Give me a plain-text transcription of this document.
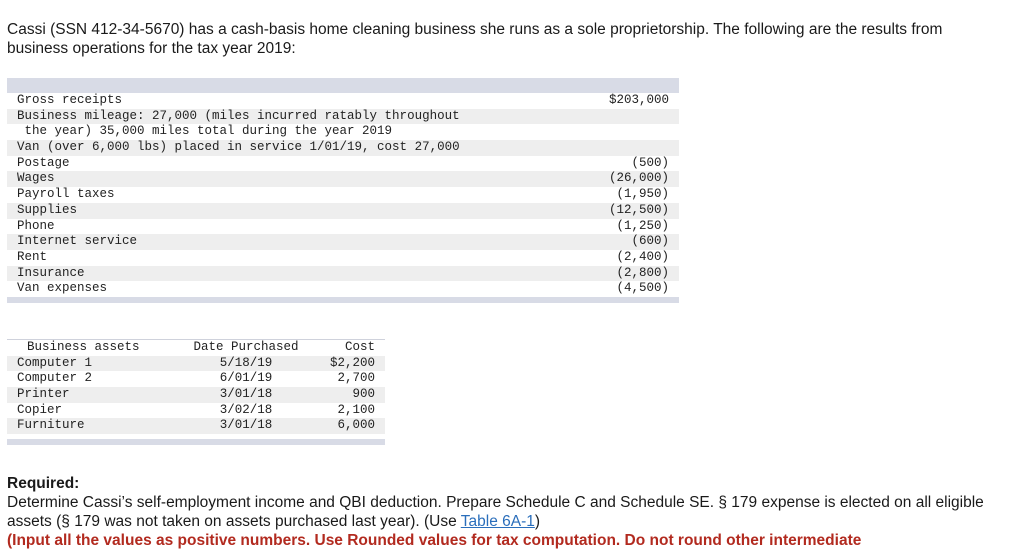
Cassi (SSN 412-34-5670) has a cash-basis home cleaning business she runs as a sole proprietorship. The following are the results from business operations for the tax year 2019:

Gross receipts	$203,000
Business mileage: 27,000 (miles incurred ratably throughout
the year) 35,000 miles total during the year 2019
Van (over 6,000 lbs) placed in service 1/01/19, cost 27,000
Postage	(500)
Wages	(26,000)
Payroll taxes	(1,950)
Supplies	(12,500)
Phone	(1,250)
Internet service	(600)
Rent	(2,400)
Insurance	(2,800)
Van expenses	(4,500)
Business assets	Date Purchased	Cost
Computer 1	5/18/19	$2,200
Computer 2	6/01/19	2,700
Printer	3/01/18	900
Copier	3/02/18	2,100
Furniture	3/01/18	6,000
Required:
Determine Cassi’s self-employment income and QBI deduction. Prepare Schedule C and Schedule SE. § 179 expense is elected on all eligible assets (§ 179 was not taken on assets purchased last year). (Use Table 6A-1)
(Input all the values as positive numbers. Use Rounded values for tax computation. Do not round other intermediate
